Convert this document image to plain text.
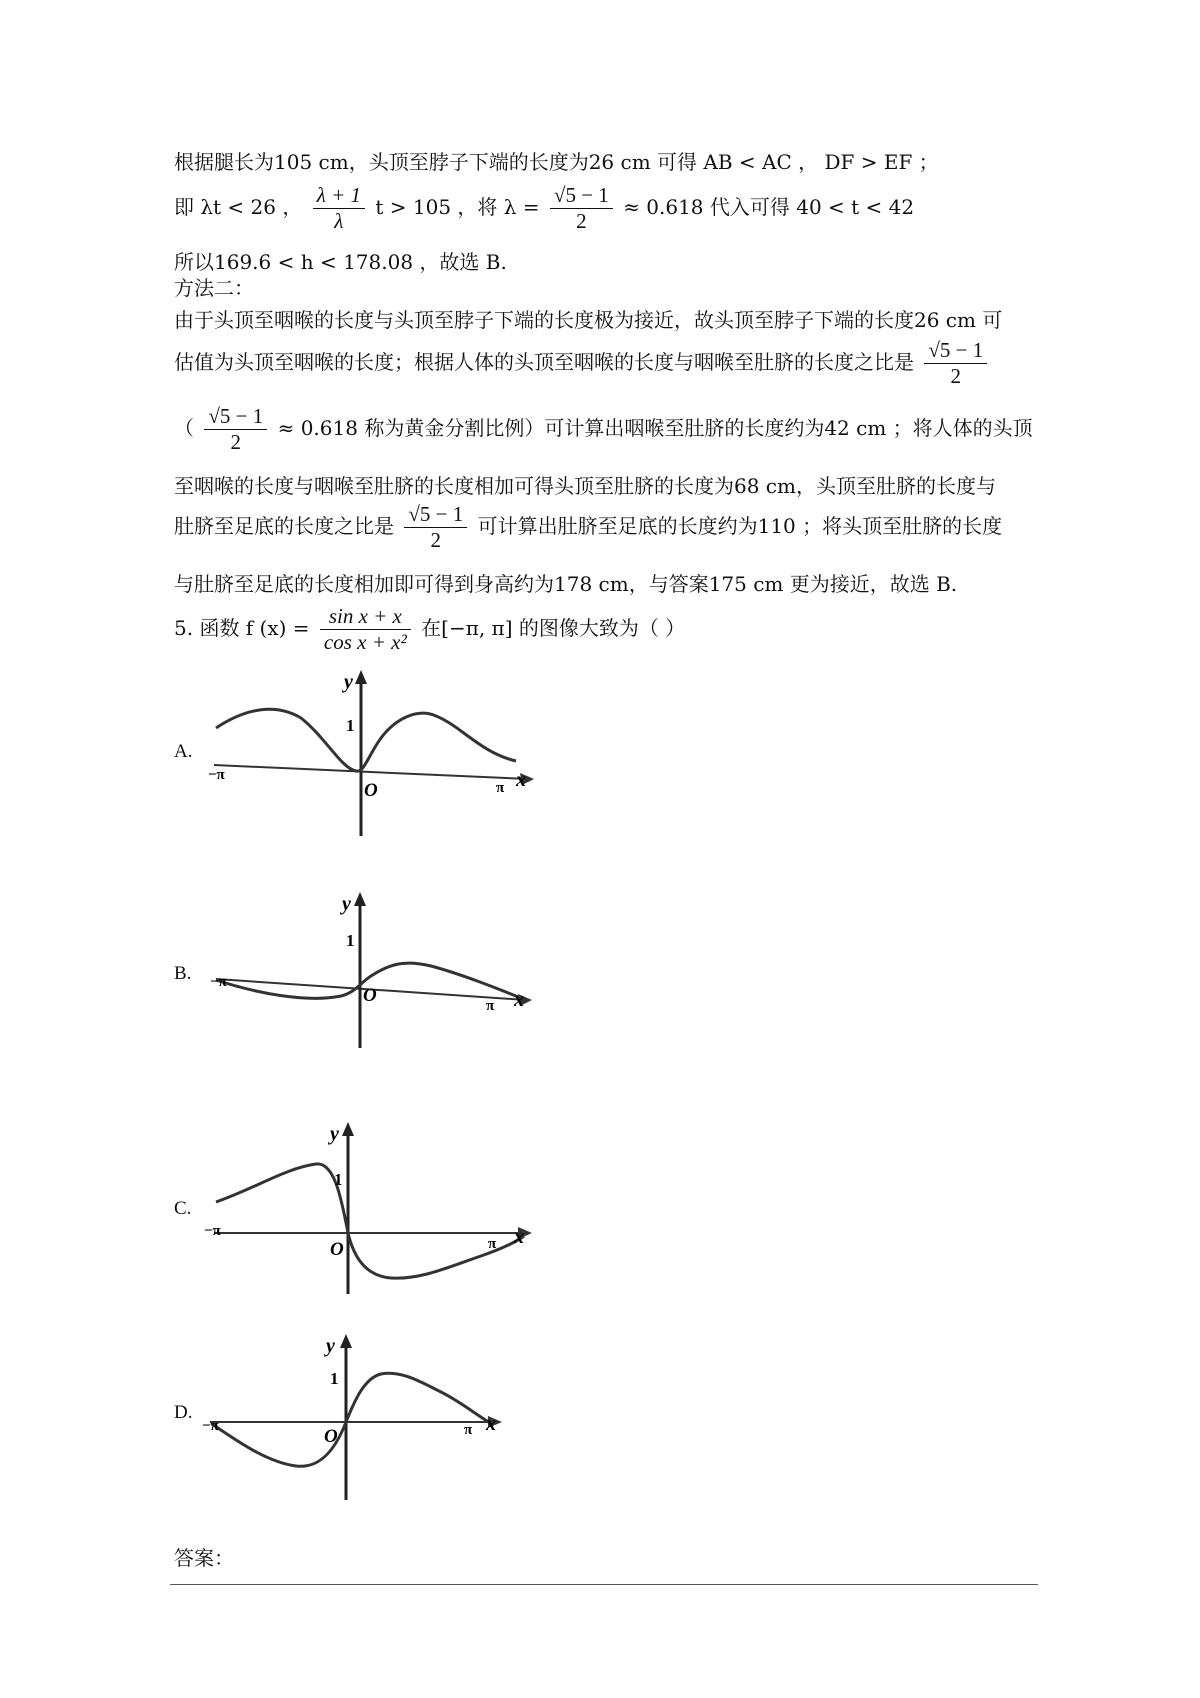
根据腿长为105 cm，头顶至脖子下端的长度为26 cm 可得 AB < AC ， DF > EF ；
即 λt < 26 ， $\frac{\lambda + 1}{\lambda}$ t > 105 ，将 $\lambda = \frac{√5 - 1}{2} \approx 0.618$ 代入可得 40 < t < 42
所以169.6 < h < 178.08 ，故选 B.
方法二：
由于头顶至咽喉的长度与头顶至脖子下端的长度极为接近，故头顶至脖子下端的长度26 cm 可
估值为头顶至咽喉的长度；根据人体的头顶至咽喉的长度与咽喉至肚脐的长度之比是 $\frac{√5 - 1}{2}$
（ $\frac{√5 - 1}{2} \approx 0.618$ 称为黄金分割比例）可计算出咽喉至肚脐的长度约为42 cm ；将人体的头顶
至咽喉的长度与咽喉至肚脐的长度相加可得头顶至肚脐的长度为68 cm，头顶至肚脐的长度与
肚脐至足底的长度之比是 $\frac{√5 - 1}{2}$ 可计算出肚脐至足底的长度约为110 ；将头顶至肚脐的长度
与肚脐至足底的长度相加即可得到身高约为178 cm，与答案175 cm 更为接近，故选 B.
5. 函数 f $(x) = \frac{\text{sin x + x}}{\text{cos x + x²}}$ 在[−π, π] 的图像大致为（ ）
A.
y
1
O
−π
π x
B.
y
1
O
−π
π x
C.
y
1
O
−π
π x
D.
y
1
O
−π	π x
答案：
